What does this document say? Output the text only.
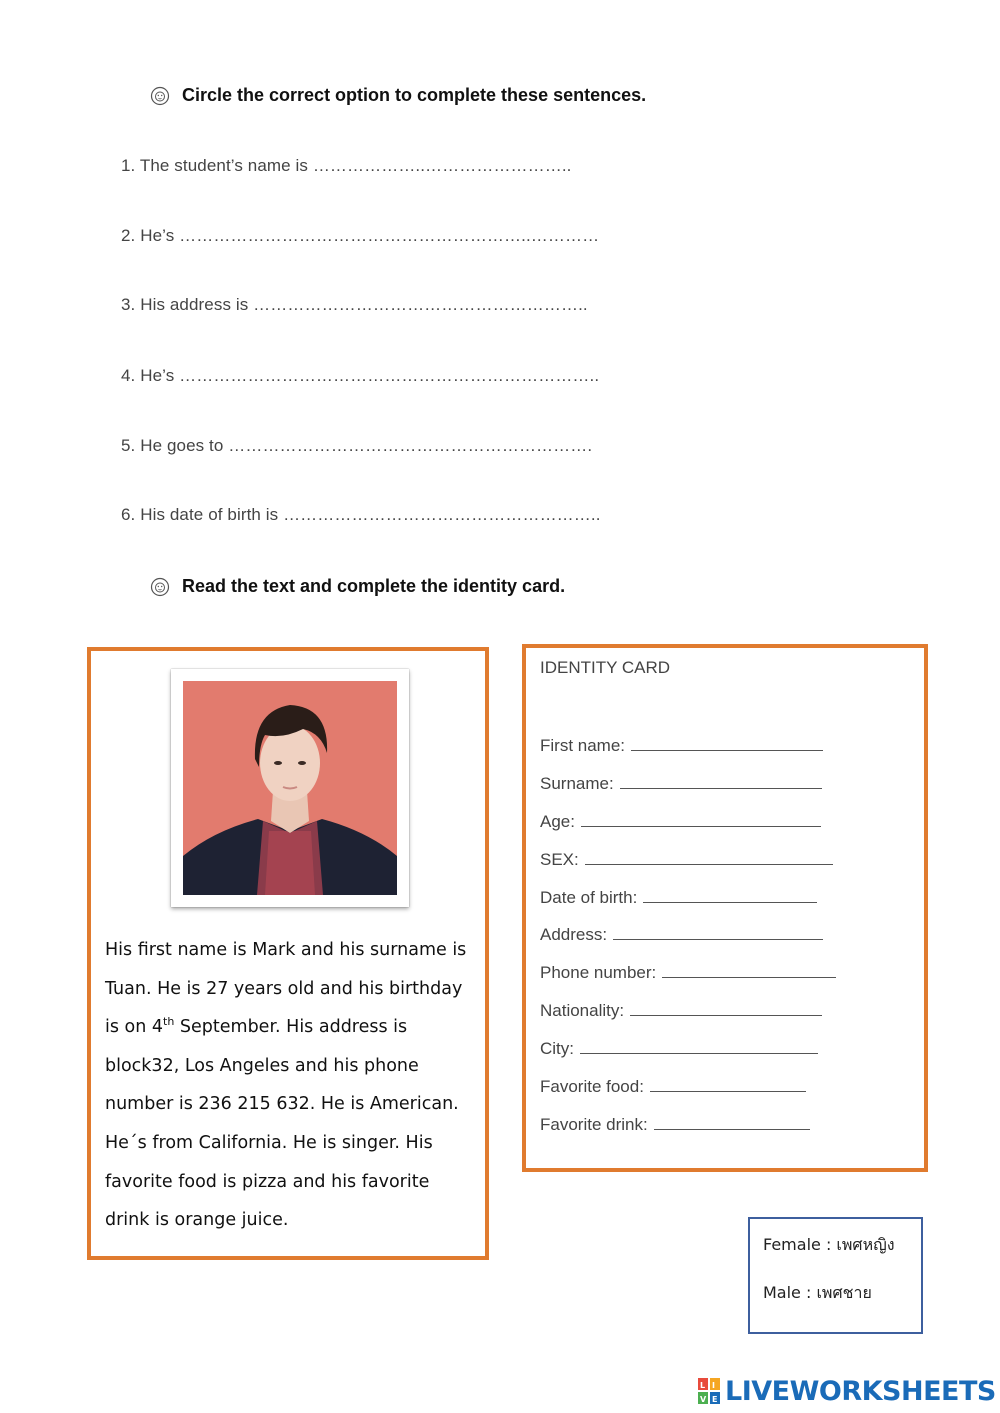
Circle the correct option to complete these sentences.
1. The student’s name is ………………..……………………..
2. He’s ……………………………………………………..…………
3. His address is …………………………………………………..
4. He’s ………………………………………………………………..
5. He goes to ……………………………………………………….
6. His date of birth is ………………………………………………..
Read the text and complete the identity card.
His first name is Mark and his surname is
Tuan. He is 27 years old and his birthday
is on 4th September. His address is
block32, Los Angeles and his phone
number is 236 215 632. He is American.
He´s from California. He is singer. His
favorite food is pizza and his favorite
drink is orange juice.
IDENTITY CARD
First name:
Surname:
Age:
SEX:
Date of birth:
Address:
Phone number:
Nationality:
City:
Favorite food:
Favorite drink:
Female : เพศหญิง
Male : เพศชาย
L I
V E LIVEWORKSHEETS
